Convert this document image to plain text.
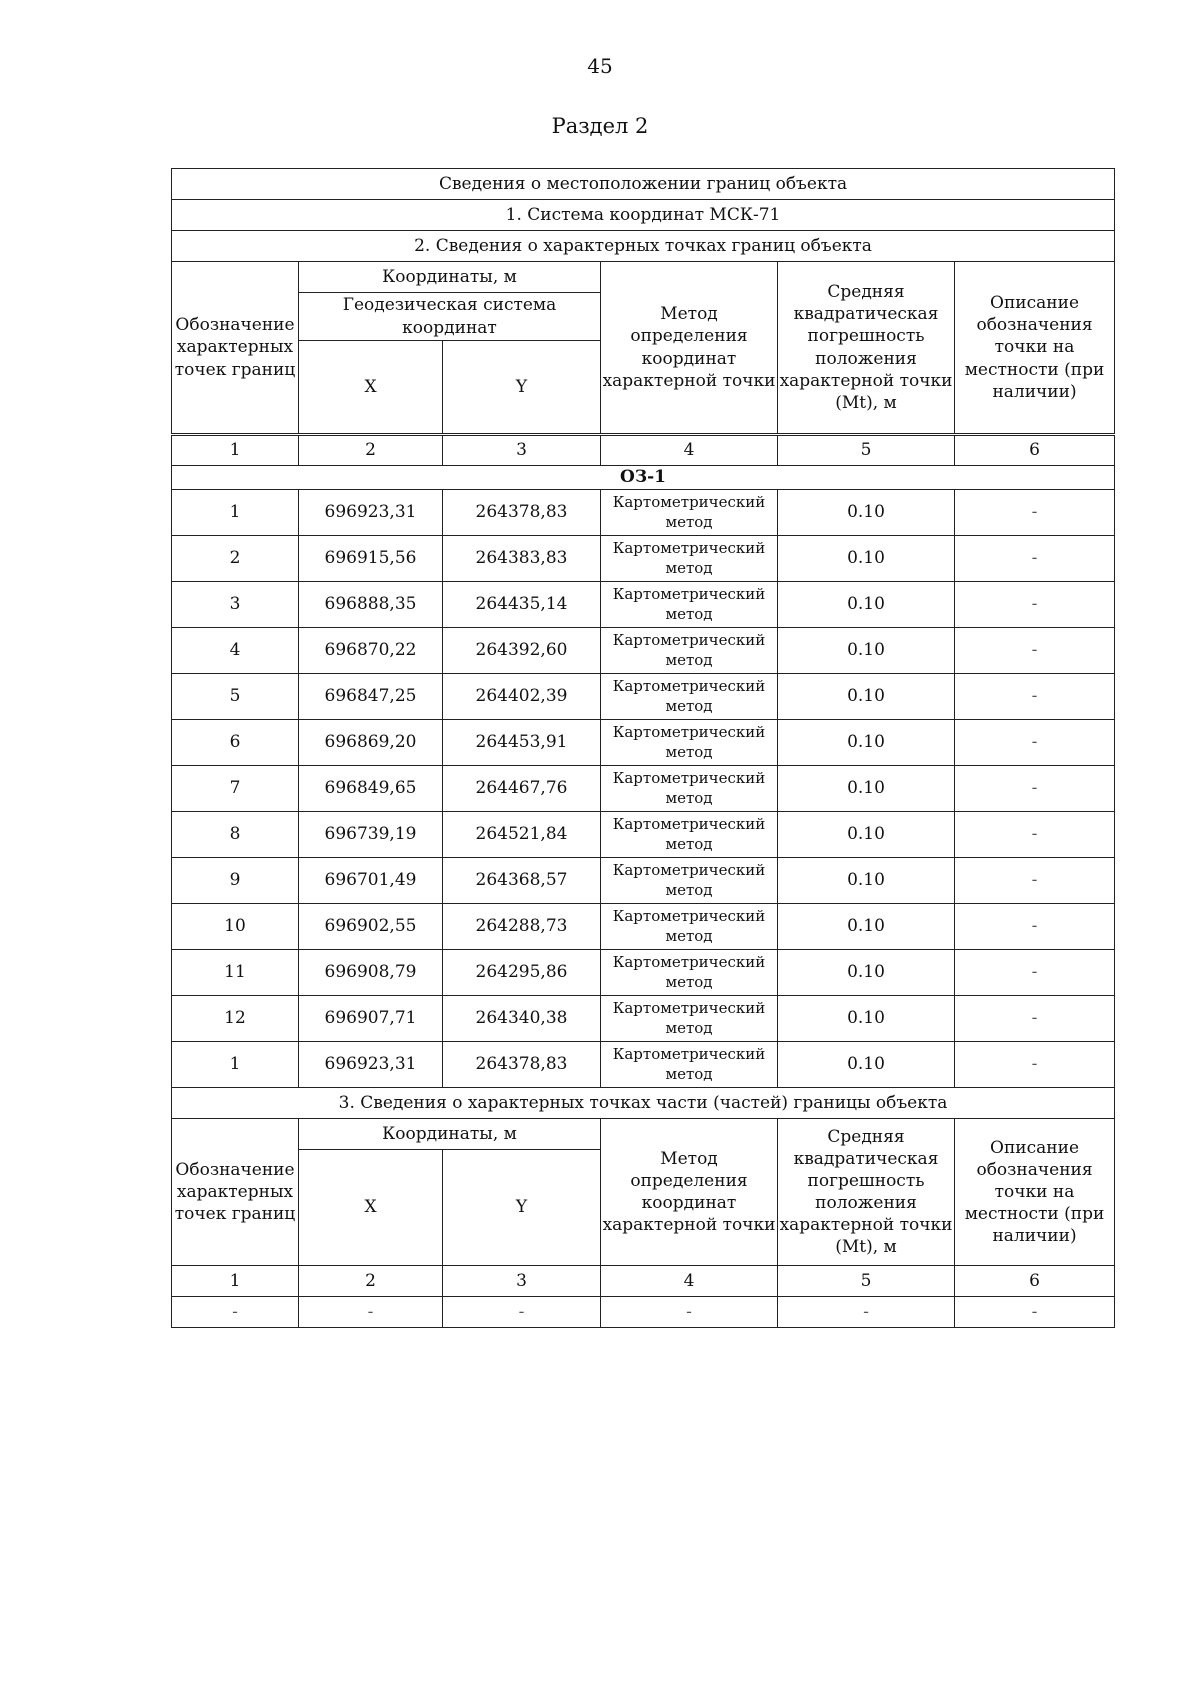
45
Раздел 2
Сведения о местоположении границ объекта					
1. Система координат МСК-71					
2. Сведения о характерных точках границ объекта					
Обозначение характерных точек границ	Координаты, м		Метод определения координат характерной точки	Средняя квадратическая погрешность положения характерной точки (Mt), м	Описание обозначения точки на местности (при наличии)
	Геодезическая система координат				
	X	Y			
1	2	3	4	5	6
ОЗ-1					
1	696923,31	264378,83	Картометрический метод	0.10	-
2	696915,56	264383,83	Картометрический метод	0.10	-
3	696888,35	264435,14	Картометрический метод	0.10	-
4	696870,22	264392,60	Картометрический метод	0.10	-
5	696847,25	264402,39	Картометрический метод	0.10	-
6	696869,20	264453,91	Картометрический метод	0.10	-
7	696849,65	264467,76	Картометрический метод	0.10	-
8	696739,19	264521,84	Картометрический метод	0.10	-
9	696701,49	264368,57	Картометрический метод	0.10	-
10	696902,55	264288,73	Картометрический метод	0.10	-
11	696908,79	264295,86	Картометрический метод	0.10	-
12	696907,71	264340,38	Картометрический метод	0.10	-
1	696923,31	264378,83	Картометрический метод	0.10	-
3. Сведения о характерных точках части (частей) границы объекта					
Обозначение характерных точек границ	Координаты, м		Метод определения координат характерной точки	Средняя квадратическая погрешность положения характерной точки (Mt), м	Описание обозначения точки на местности (при наличии)
	X	Y			
1	2	3	4	5	6
-	-	-	-	-	-
